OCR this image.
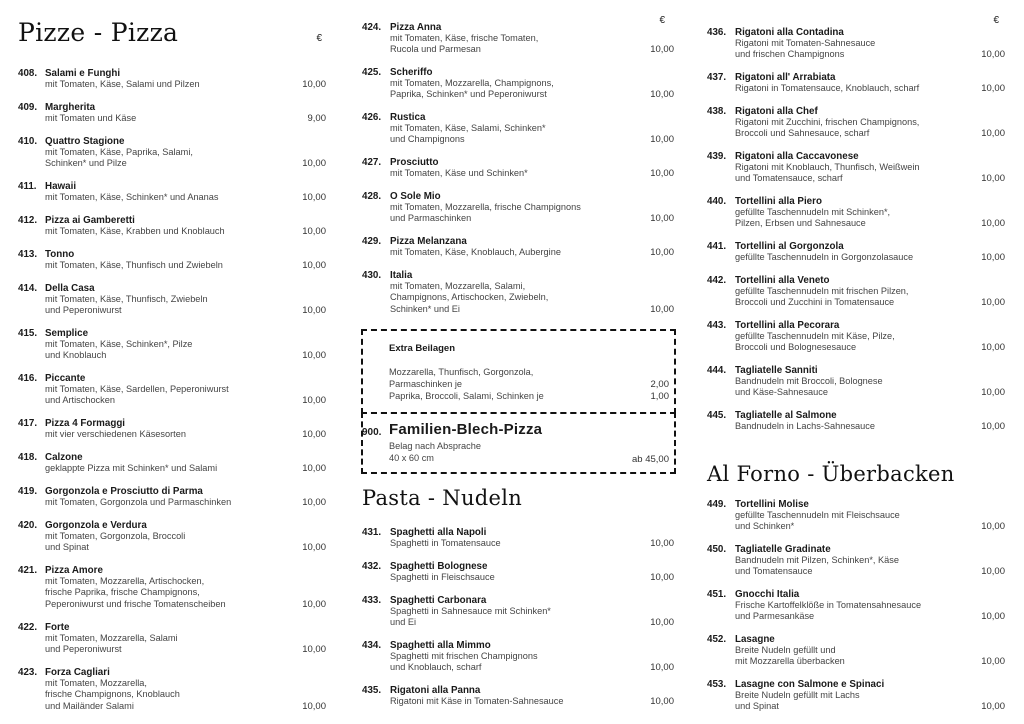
Pizze - Pizza	€
408. Salami e Funghi
mit Tomaten, Käse, Salami und Pilzen	10,00
409. Margherita
mit Tomaten und Käse	9,00
410. Quattro Stagione
mit Tomaten, Käse, Paprika, Salami,
Schinken* und Pilze	10,00
411. Hawaii
mit Tomaten, Käse, Schinken* und Ananas	10,00
412. Pizza ai Gamberetti
mit Tomaten, Käse, Krabben und Knoblauch	10,00
413. Tonno
mit Tomaten, Käse, Thunfisch und Zwiebeln	10,00
414. Della Casa
mit Tomaten, Käse, Thunfisch, Zwiebeln
und Peperoniwurst	10,00
415. Semplice
mit Tomaten, Käse, Schinken*, Pilze
und Knoblauch	10,00
416. Piccante
mit Tomaten, Käse, Sardellen, Peperoniwurst
und Artischocken	10,00
417. Pizza 4 Formaggi
mit vier verschiedenen Käsesorten	10,00
418. Calzone
geklappte Pizza mit Schinken* und Salami	10,00
419. Gorgonzola e Prosciutto di Parma
mit Tomaten, Gorgonzola und Parmaschinken	10,00
420. Gorgonzola e Verdura
mit Tomaten, Gorgonzola, Broccoli
und Spinat	10,00
421. Pizza Amore
mit Tomaten, Mozzarella, Artischocken,
frische Paprika, frische Champignons,
Peperoniwurst und frische Tomatenscheiben	10,00
422. Forte
mit Tomaten, Mozzarella, Salami
und Peperoniwurst	10,00
423. Forza Cagliari
mit Tomaten, Mozzarella,
frische Champignons, Knoblauch
und Mailänder Salami	10,00
€
424. Pizza Anna
mit Tomaten, Käse, frische Tomaten,
Rucola und Parmesan	10,00
425. Scheriffo
mit Tomaten, Mozzarella, Champignons,
Paprika, Schinken* und Peperoniwurst	10,00
426. Rustica
mit Tomaten, Käse, Salami, Schinken*
und Champignons	10,00
427. Prosciutto
mit Tomaten, Käse und Schinken*	10,00
428. O Sole Mio
mit Tomaten, Mozzarella, frische Champignons
und Parmaschinken	10,00
429. Pizza Melanzana
mit Tomaten, Käse, Knoblauch, Aubergine	10,00
430. Italia
mit Tomaten, Mozzarella, Salami,
Champignons, Artischocken, Zwiebeln,
Schinken* und Ei	10,00
Pasta - Nudeln
431. Spaghetti alla Napoli
Spaghetti in Tomatensauce	10,00
432. Spaghetti Bolognese
Spaghetti in Fleischsauce	10,00
433. Spaghetti Carbonara
Spaghetti in Sahnesauce mit Schinken*
und Ei	10,00
434. Spaghetti alla Mimmo
Spaghetti mit frischen Champignons
und Knoblauch, scharf	10,00
435. Rigatoni alla Panna
Rigatoni mit Käse in Tomaten-Sahnesauce	10,00
Extra Beilagen
Mozzarella, Thunfisch, Gorgonzola,
Parmaschinken je	2,00
Paprika, Broccoli, Salami, Schinken je	1,00
900. Familien-Blech-Pizza
Belag nach Absprache
40 x 60 cm	ab 45,00
€
436. Rigatoni alla Contadina
Rigatoni mit Tomaten-Sahnesauce
und frischen Champignons	10,00
437. Rigatoni all' Arrabiata
Rigatoni in Tomatensauce, Knoblauch, scharf	10,00
438. Rigatoni alla Chef
Rigatoni mit Zucchini, frischen Champignons,
Broccoli und Sahnesauce, scharf	10,00
439. Rigatoni alla Caccavonese
Rigatoni mit Knoblauch, Thunfisch, Weißwein
und Tomatensauce, scharf	10,00
440. Tortellini alla Piero
gefüllte Taschennudeln mit Schinken*,
Pilzen, Erbsen und Sahnesauce	10,00
441. Tortellini al Gorgonzola
gefüllte Taschennudeln in Gorgonzolasauce	10,00
442. Tortellini alla Veneto
gefüllte Taschennudeln mit frischen Pilzen,
Broccoli und Zucchini in Tomatensauce	10,00
443. Tortellini alla Pecorara
gefüllte Taschennudeln mit Käse, Pilze,
Broccoli und Bolognesesauce	10,00
444. Tagliatelle Sanniti
Bandnudeln mit Broccoli, Bolognese
und Käse-Sahnesauce	10,00
445. Tagliatelle al Salmone
Bandnudeln in Lachs-Sahnesauce	10,00
Al Forno - Überbacken
449. Tortellini Molise
gefüllte Taschennudeln mit Fleischsauce
und Schinken*	10,00
450. Tagliatelle Gradinate
Bandnudeln mit Pilzen, Schinken*, Käse
und Tomatensauce	10,00
451. Gnocchi Italia
Frische Kartoffelklöße in Tomatensahnesauce
und Parmesankäse	10,00
452. Lasagne
Breite Nudeln gefüllt und
mit Mozzarella überbacken	10,00
453. Lasagne con Salmone e Spinaci
Breite Nudeln gefüllt mit Lachs
und Spinat	10,00
